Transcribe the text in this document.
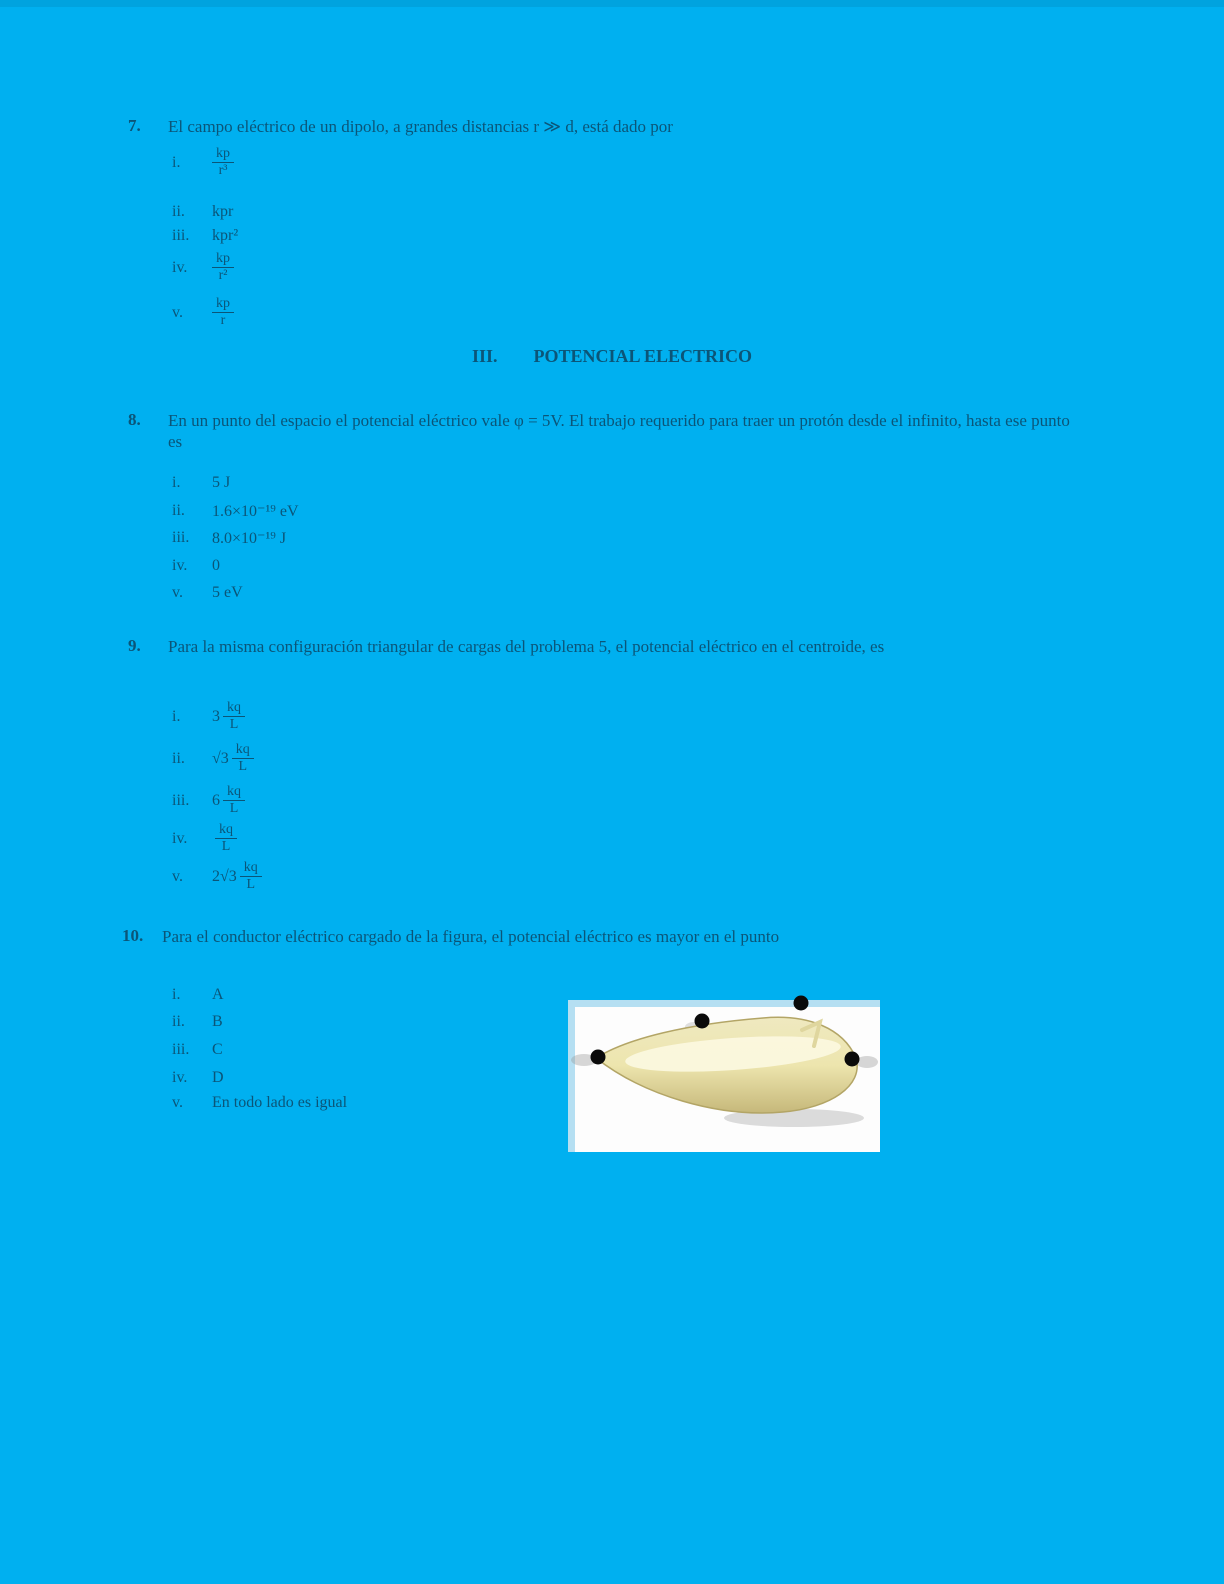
7.	El campo eléctrico de un dipolo, a grandes distancias r ≫ d, está dado por
i.	$\frac{kp}{\text{r³}}$
ii.	kpr
iii.	kpr²
iv.	$\frac{kp}{\text{r²}}$
v.	$\frac{kp}{r}$
III. POTENCIAL ELECTRICO
8.	En un punto del espacio el potencial eléctrico vale φ = 5V. El trabajo requerido para traer un protón desde el infinito, hasta ese punto es
i.	5 J
ii.	1.6×10⁻¹⁹ eV
iii.	8.0×10⁻¹⁹ J
iv.	0
v.	5 eV
9.	Para la misma configuración triangular de cargas del problema 5, el potencial eléctrico en el centroide, es
i.	$3 \frac{kq}{L}$
ii.	$√3 \frac{kq}{L}$
iii.	$6 \frac{kq}{L}$
iv.	$\frac{kq}{L}$
v.	$2√3 \frac{kq}{L}$
10.	Para el conductor eléctrico cargado de la figura, el potencial eléctrico es mayor en el punto
i.	A
ii.	B
iii.	C
iv.	D
v.	En todo lado es igual
